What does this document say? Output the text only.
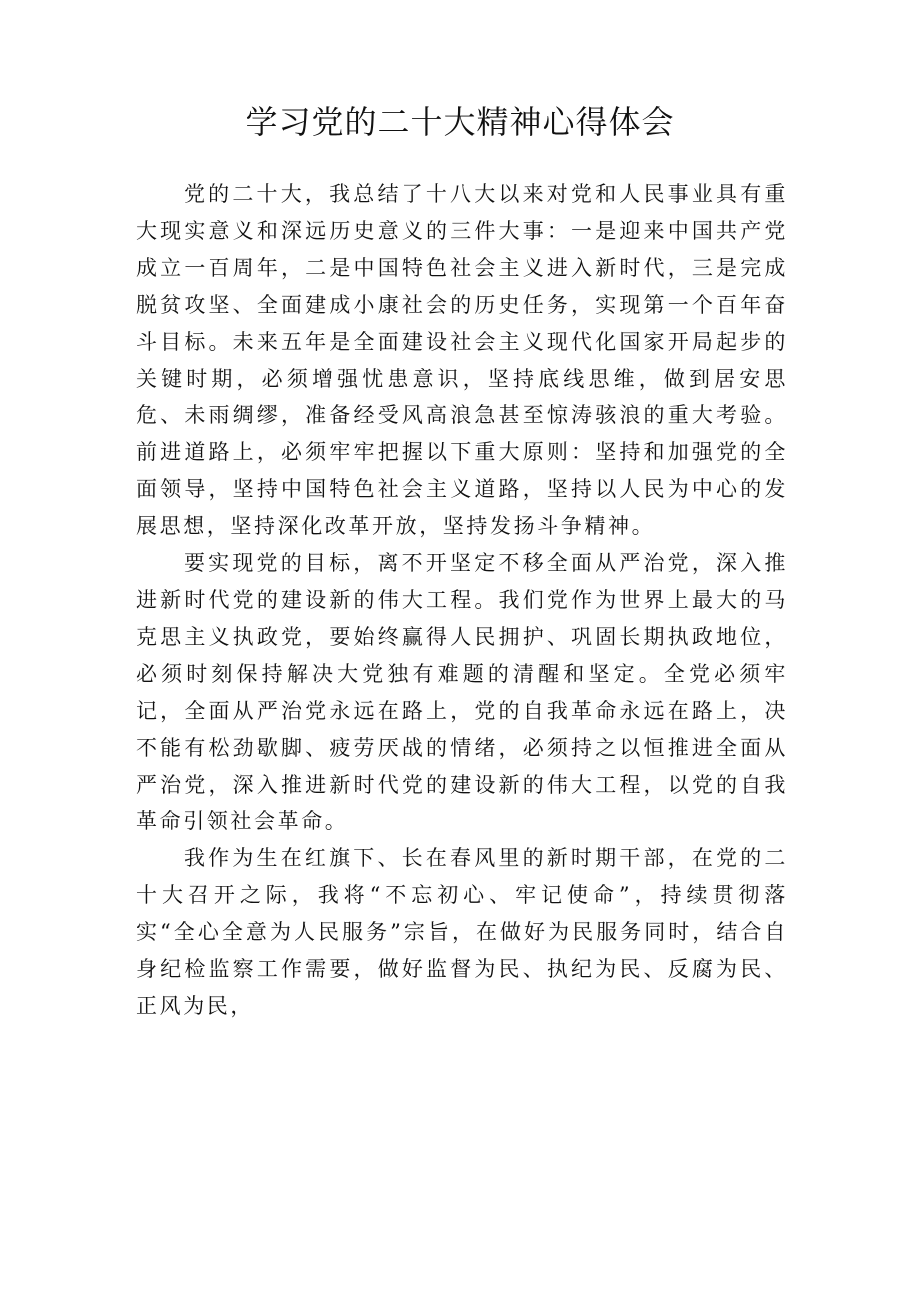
学习党的二十大精神心得体会

党的二十大，我总结了十八大以来对党和人民事业具有重大现实意义和深远历史意义的三件大事：一是迎来中国共产党成立一百周年，二是中国特色社会主义进入新时代，三是完成脱贫攻坚、全面建成小康社会的历史任务，实现第一个百年奋斗目标。未来五年是全面建设社会主义现代化国家开局起步的关键时期，必须增强忧患意识，坚持底线思维，做到居安思危、未雨绸缪，准备经受风高浪急甚至惊涛骇浪的重大考验。前进道路上，必须牢牢把握以下重大原则：坚持和加强党的全面领导，坚持中国特色社会主义道路，坚持以人民为中心的发展思想，坚持深化改革开放，坚持发扬斗争精神。

要实现党的目标，离不开坚定不移全面从严治党，深入推进新时代党的建设新的伟大工程。我们党作为世界上最大的马克思主义执政党，要始终赢得人民拥护、巩固长期执政地位，必须时刻保持解决大党独有难题的清醒和坚定。全党必须牢记，全面从严治党永远在路上，党的自我革命永远在路上，决不能有松劲歇脚、疲劳厌战的情绪，必须持之以恒推进全面从严治党，深入推进新时代党的建设新的伟大工程，以党的自我革命引领社会革命。

我作为生在红旗下、长在春风里的新时期干部，在党的二十大召开之际，我将“不忘初心、牢记使命”，持续贯彻落实“全心全意为人民服务”宗旨，在做好为民服务同时，结合自身纪检监察工作需要，做好监督为民、执纪为民、反腐为民、正风为民，
